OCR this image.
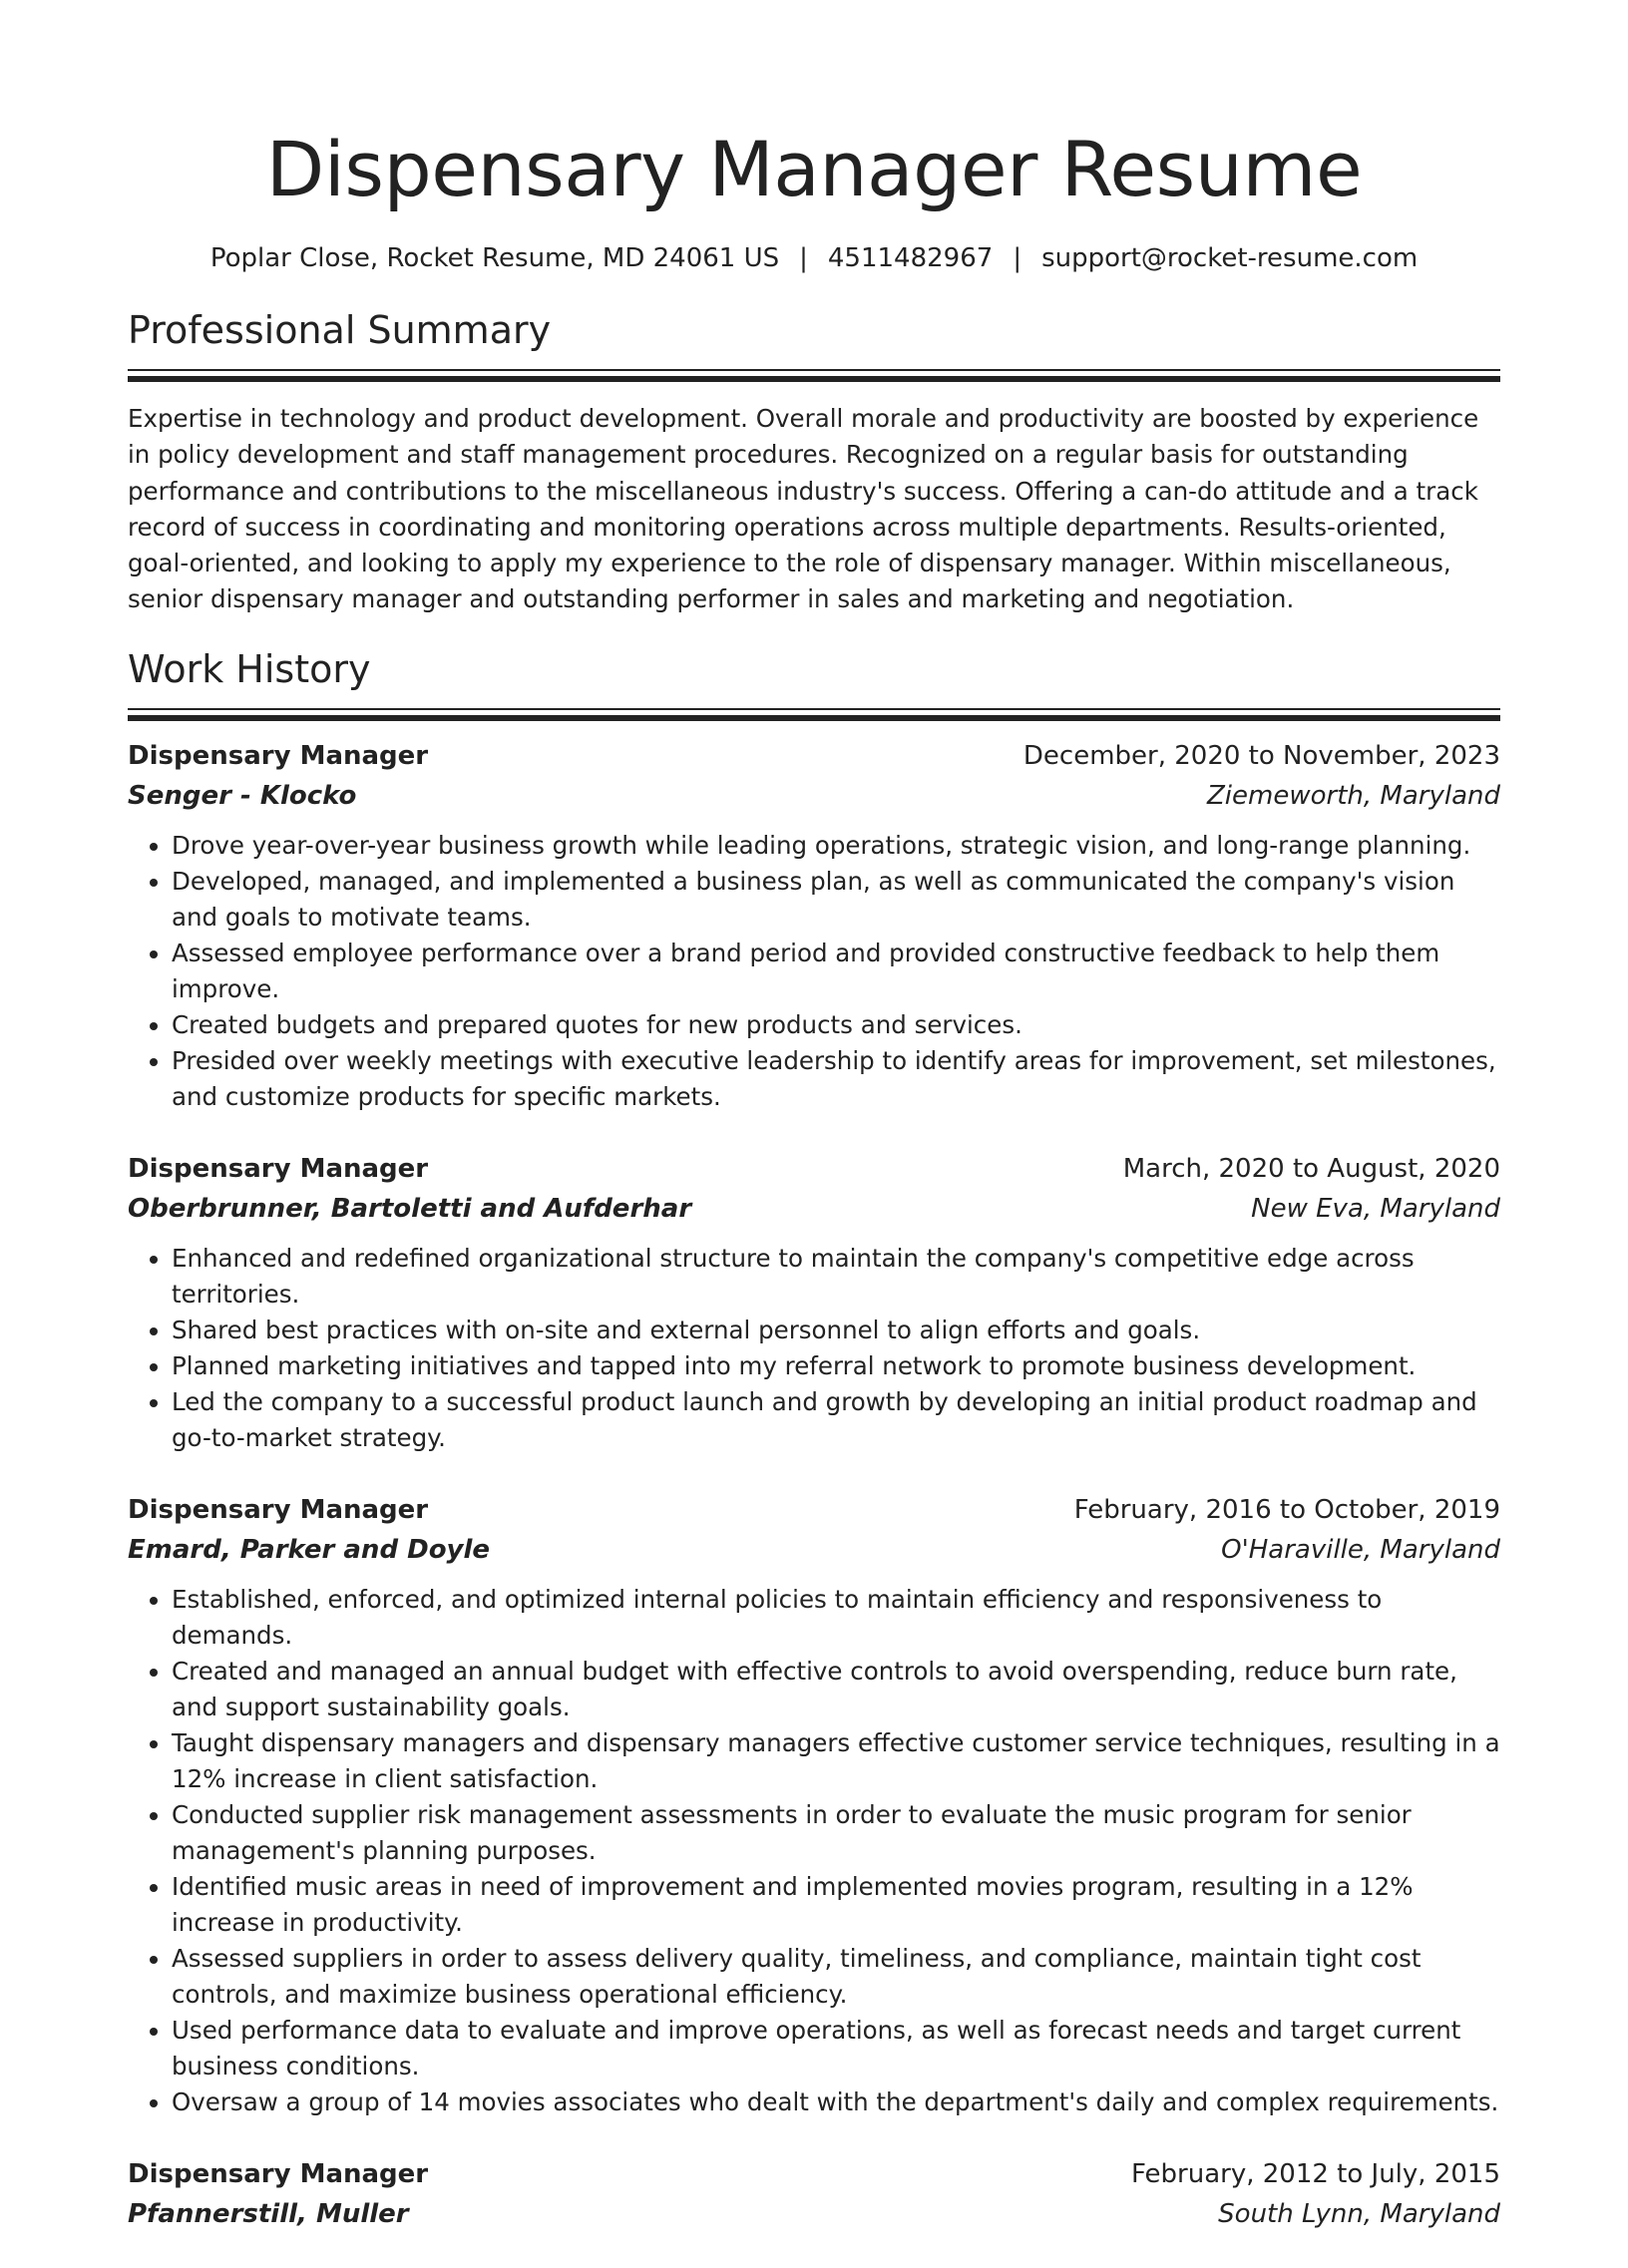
Dispensary Manager Resume
Poplar Close, Rocket Resume, MD 24061 US | 4511482967 | support@rocket-resume.com
Professional Summary

Expertise in technology and product development. Overall morale and productivity are boosted by experience in policy development and staff management procedures. Recognized on a regular basis for outstanding performance and contributions to the miscellaneous industry's success. Offering a can-do attitude and a track record of success in coordinating and monitoring operations across multiple departments. Results-oriented, goal-oriented, and looking to apply my experience to the role of dispensary manager. Within miscellaneous, senior dispensary manager and outstanding performer in sales and marketing and negotiation.

Work History
Dispensary Manager	December, 2020 to November, 2023
Senger - Klocko	Ziemeworth, Maryland
• Drove year-over-year business growth while leading operations, strategic vision, and long-range planning.
• Developed, managed, and implemented a business plan, as well as communicated the company's vision and goals to motivate teams.
• Assessed employee performance over a brand period and provided constructive feedback to help them improve.
• Created budgets and prepared quotes for new products and services.
• Presided over weekly meetings with executive leadership to identify areas for improvement, set milestones, and customize products for specific markets.
Dispensary Manager	March, 2020 to August, 2020
Oberbrunner, Bartoletti and Aufderhar	New Eva, Maryland
• Enhanced and redefined organizational structure to maintain the company's competitive edge across territories.
• Shared best practices with on-site and external personnel to align efforts and goals.
• Planned marketing initiatives and tapped into my referral network to promote business development.
• Led the company to a successful product launch and growth by developing an initial product roadmap and go-to-market strategy.
Dispensary Manager	February, 2016 to October, 2019
Emard, Parker and Doyle	O'Haraville, Maryland
• Established, enforced, and optimized internal policies to maintain efficiency and responsiveness to demands.
• Created and managed an annual budget with effective controls to avoid overspending, reduce burn rate, and support sustainability goals.
• Taught dispensary managers and dispensary managers effective customer service techniques, resulting in a 12% increase in client satisfaction.
• Conducted supplier risk management assessments in order to evaluate the music program for senior management's planning purposes.
• Identified music areas in need of improvement and implemented movies program, resulting in a 12% increase in productivity.
• Assessed suppliers in order to assess delivery quality, timeliness, and compliance, maintain tight cost controls, and maximize business operational efficiency.
• Used performance data to evaluate and improve operations, as well as forecast needs and target current business conditions.
• Oversaw a group of 14 movies associates who dealt with the department's daily and complex requirements.
Dispensary Manager	February, 2012 to July, 2015
Pfannerstill, Muller	South Lynn, Maryland
